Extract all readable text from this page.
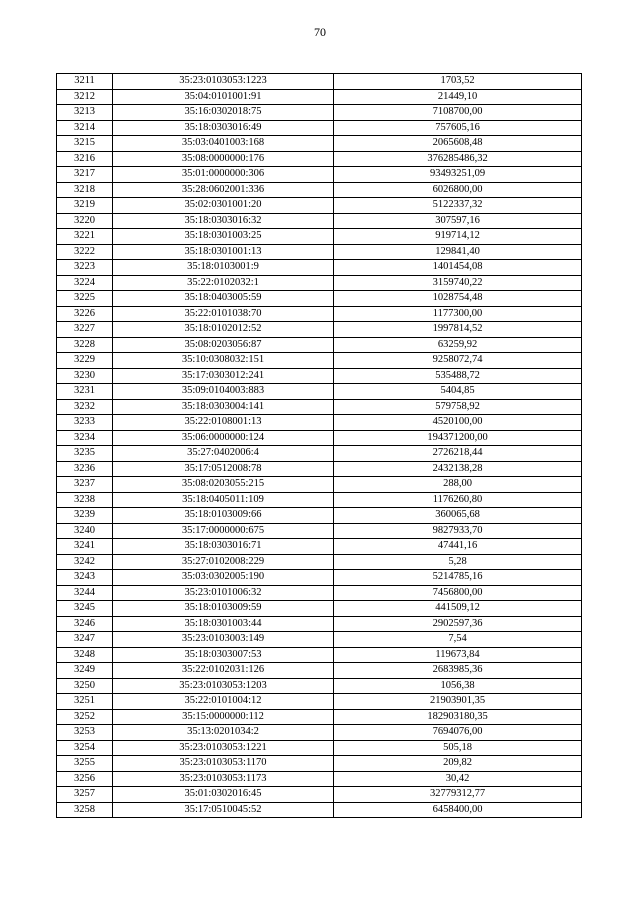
70
3211	35:23:0103053:1223	1703,52
3212	35:04:0101001:91	21449,10
3213	35:16:0302018:75	7108700,00
3214	35:18:0303016:49	757605,16
3215	35:03:0401003:168	2065608,48
3216	35:08:0000000:176	376285486,32
3217	35:01:0000000:306	93493251,09
3218	35:28:0602001:336	6026800,00
3219	35:02:0301001:20	5122337,32
3220	35:18:0303016:32	307597,16
3221	35:18:0301003:25	919714,12
3222	35:18:0301001:13	129841,40
3223	35:18:0103001:9	1401454,08
3224	35:22:0102032:1	3159740,22
3225	35:18:0403005:59	1028754,48
3226	35:22:0101038:70	1177300,00
3227	35:18:0102012:52	1997814,52
3228	35:08:0203056:87	63259,92
3229	35:10:0308032:151	9258072,74
3230	35:17:0303012:241	535488,72
3231	35:09:0104003:883	5404,85
3232	35:18:0303004:141	579758,92
3233	35:22:0108001:13	4520100,00
3234	35:06:0000000:124	194371200,00
3235	35:27:0402006:4	2726218,44
3236	35:17:0512008:78	2432138,28
3237	35:08:0203055:215	288,00
3238	35:18:0405011:109	1176260,80
3239	35:18:0103009:66	360065,68
3240	35:17:0000000:675	9827933,70
3241	35:18:0303016:71	47441,16
3242	35:27:0102008:229	5,28
3243	35:03:0302005:190	5214785,16
3244	35:23:0101006:32	7456800,00
3245	35:18:0103009:59	441509,12
3246	35:18:0301003:44	2902597,36
3247	35:23:0103003:149	7,54
3248	35:18:0303007:53	119673,84
3249	35:22:0102031:126	2683985,36
3250	35:23:0103053:1203	1056,38
3251	35:22:0101004:12	21903901,35
3252	35:15:0000000:112	182903180,35
3253	35:13:0201034:2	7694076,00
3254	35:23:0103053:1221	505,18
3255	35:23:0103053:1170	209,82
3256	35:23:0103053:1173	30,42
3257	35:01:0302016:45	32779312,77
3258	35:17:0510045:52	6458400,00
